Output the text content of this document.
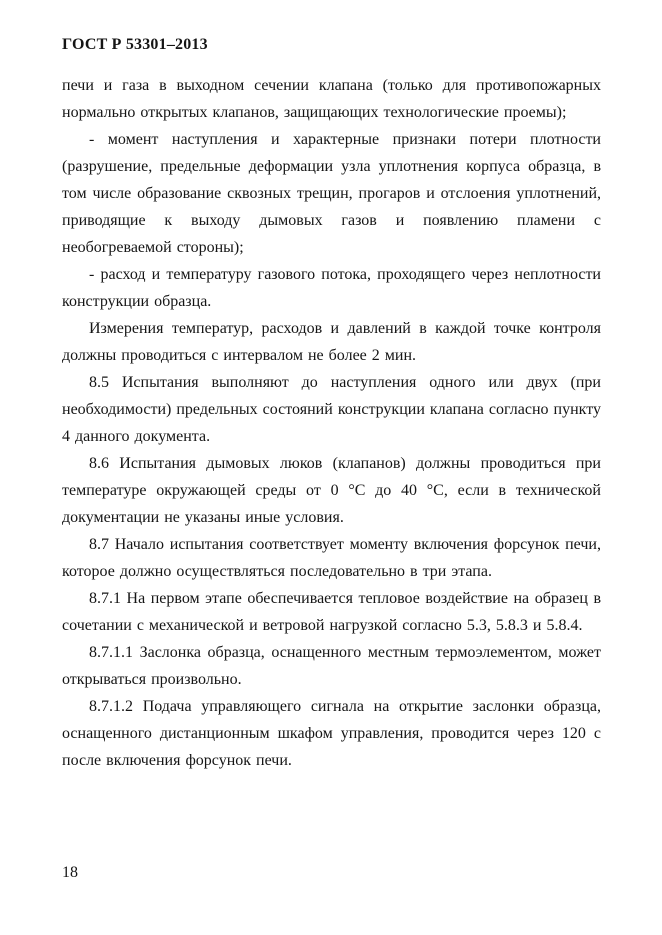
ГОСТ Р 53301–2013

печи и газа в выходном сечении клапана (только для противопожарных нормально открытых клапанов, защищающих технологические проемы);

- момент наступления и характерные признаки потери плотности (разрушение, предельные деформации узла уплотнения корпуса образца, в том числе образование сквозных трещин, прогаров и отслоения уплотнений, приводящие к выходу дымовых газов и появлению пламени с необогреваемой стороны);

- расход и температуру газового потока, проходящего через неплотности конструкции образца.

Измерения температур, расходов и давлений в каждой точке контроля должны проводиться с интервалом не более 2 мин.

8.5 Испытания выполняют до наступления одного или двух (при необходимости) предельных состояний конструкции клапана согласно пункту 4 данного документа.

8.6 Испытания дымовых люков (клапанов) должны проводиться при температуре окружающей среды от 0 °С до 40 °С, если в технической документации не указаны иные условия.

8.7 Начало испытания соответствует моменту включения форсунок печи, которое должно осуществляться последовательно в три этапа.

8.7.1 На первом этапе обеспечивается тепловое воздействие на образец в сочетании с механической и ветровой нагрузкой согласно 5.3, 5.8.3 и 5.8.4.

8.7.1.1 Заслонка образца, оснащенного местным термоэлементом, может открываться произвольно.

8.7.1.2 Подача управляющего сигнала на открытие заслонки образца, оснащенного дистанционным шкафом управления, проводится через 120 с после включения форсунок печи.

18
